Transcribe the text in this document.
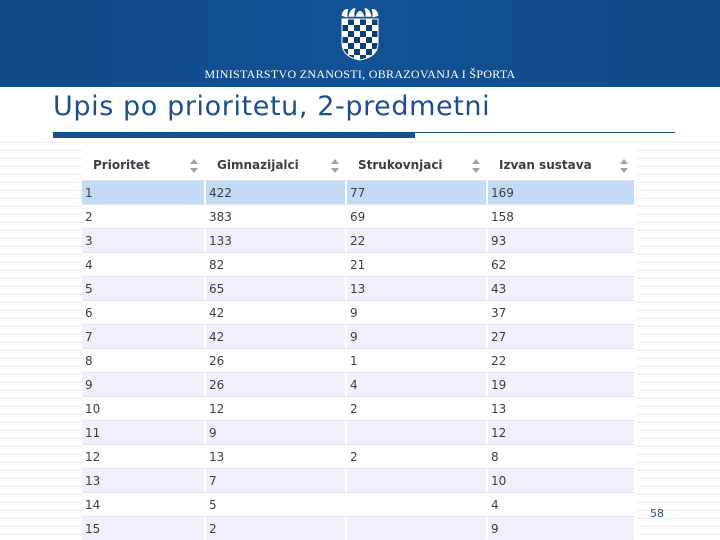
MINISTARSTVO ZNANOSTI, OBRAZOVANJA I ŠPORTA
Upis po prioritetu, 2-predmetni
Prioritet	Gimnazijalci	Strukovnjaci	Izvan sustava

1	422	77	169
2	383	69	158
3	133	22	93
4	82	21	62
5	65	13	43
6	42	9	37
7	42	9	27
8	26	1	22
9	26	4	19
10	12	2	13
11	9		12
12	13	2	8
13	7		10
14	5		4
15	2		9
58
